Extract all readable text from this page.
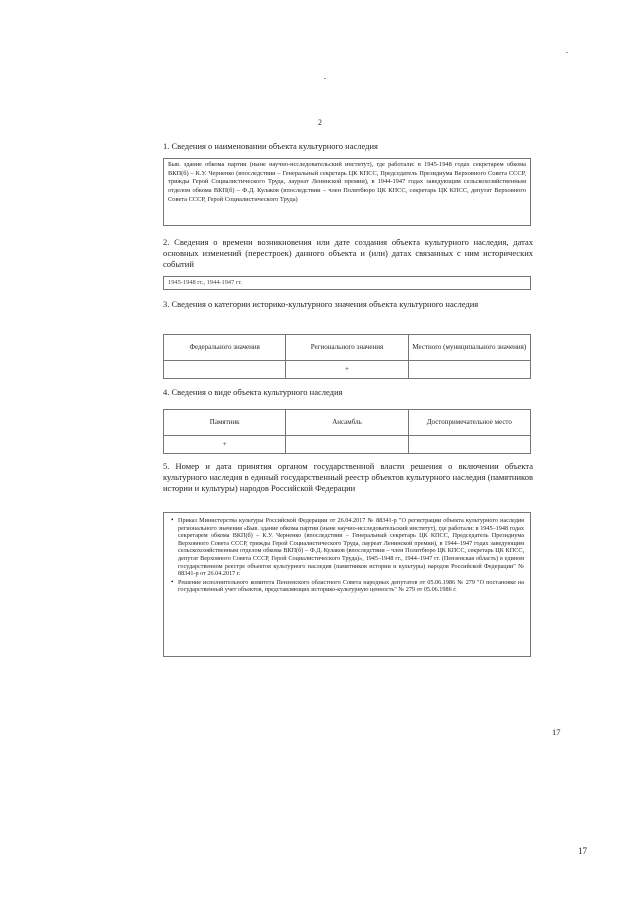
2
1. Сведения о наименовании объекта культурного наследия
Быв. здание обкома партии (ныне научно-исследовательский институт), где работали: в 1945-1948 годах секретарем обкома ВКП(б) – К.У. Черненко (впоследствии – Генеральный секретарь ЦК КПСС, Председатель Президиума Верховного Совета СССР, трижды Герой Социалистического Труда, лауреат Ленинской премии), в 1944-1947 годах заведующим сельскохозяйственным отделом обкома ВКП(б) – Ф.Д. Кулаков (впоследствии – член Политбюро ЦК КПСС, секретарь ЦК КПСС, депутат Верховного Совета СССР, Герой Социалистического Труда)
2. Сведения о времени возникновения или дате создания объекта культурного наследия, датах основных изменений (перестроек) данного объекта и (или) датах связанных с ним исторических событий
1945-1948 гг., 1944-1947 гг.
3. Сведения о категории историко-культурного значения объекта культурного наследия
Федерального значения	Регионального значения	Местного (муниципального значения)
	+	
4. Сведения о виде объекта культурного наследия
Памятник	Ансамбль	Достопримечательное место
+		
5. Номер и дата принятия органом государственной власти решения о включении объекта культурного наследия в единый государственный реестр объектов культурного наследия (памятников истории и культуры) народов Российской Федерации
• Приказ Министерства культуры Российской Федерации от 26.04.2017 № 88341-р "О регистрации объекта культурного наследия регионального значения «Быв. здание обкома партии (ныне научно-исследовательский институт), где работали: в 1945–1948 годах секретарем обкома ВКП(б) – К.У. Черненко (впоследствии – Генеральный секретарь ЦК КПСС, Председатель Президиума Верховного Совета СССР, трижды Герой Социалистического Труда, лауреат Ленинской премии), в 1944–1947 годах заведующим сельскохозяйственным отделом обкома ВКП(б) – Ф.Д. Кулаков (впоследствии – член Политбюро ЦК КПСС, секретарь ЦК КПСС, депутат Верховного Совета СССР, Герой Социалистического Труда)», 1945–1948 гг., 1944–1947 гг. (Пензенская область) в едином государственном реестре объектов культурного наследия (памятников истории и культуры) народов Российской Федерации" № 88341-р от 26.04.2017 г.
• Решение исполнительного комитета Пензенского областного Совета народных депутатов от 05.06.1986 № 279 "О постановке на государственный учет объектов, представляющих историко-культурную ценность" № 279 от 05.06.1986 г.
17
17
